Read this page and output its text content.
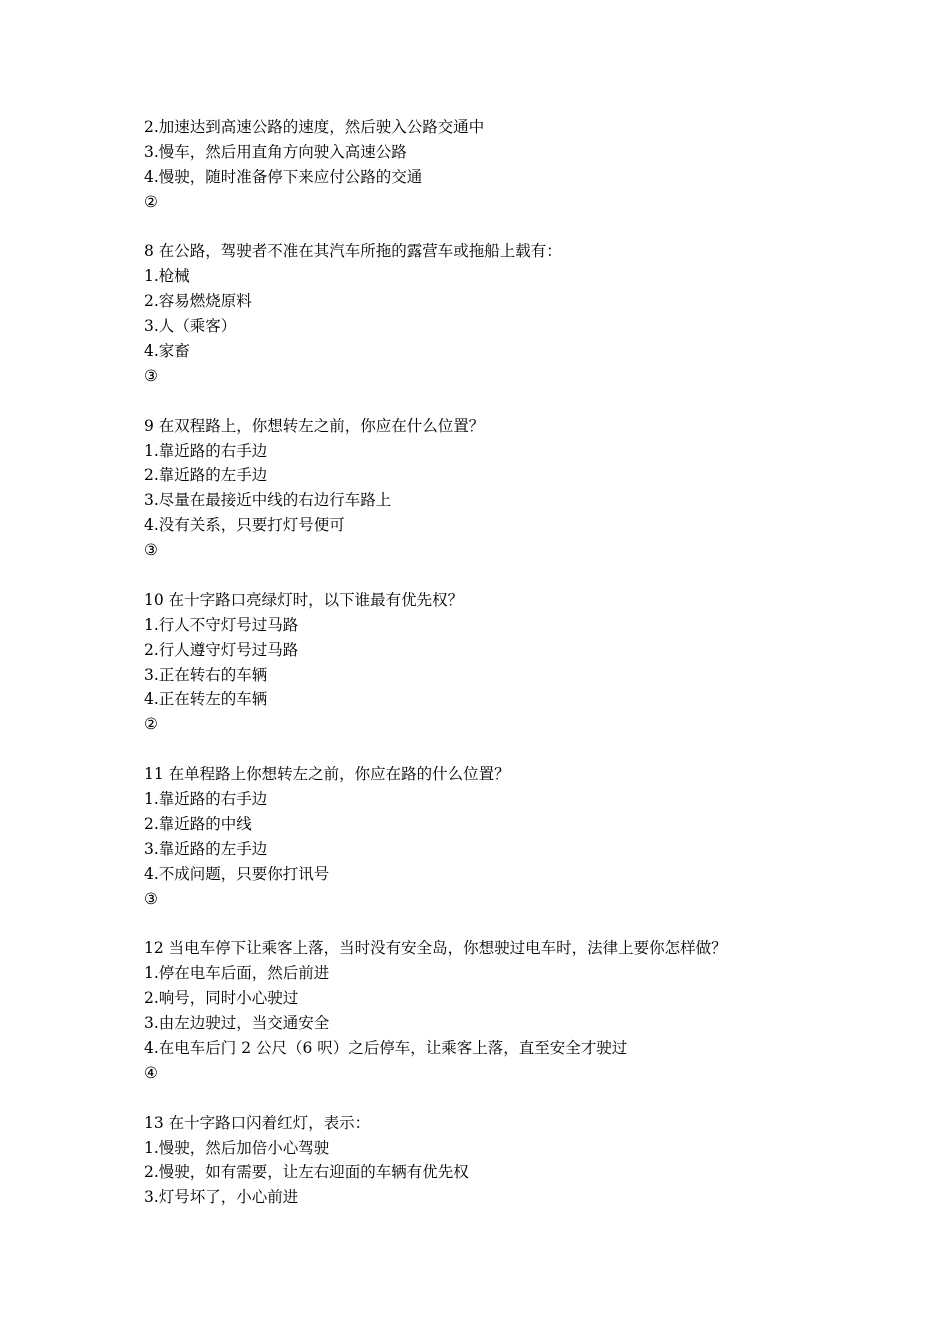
2.加速达到高速公路的速度，然后驶入公路交通中
3.慢车，然后用直角方向驶入高速公路
4.慢驶，随时准备停下来应付公路的交通
②
8 在公路，驾驶者不准在其汽车所拖的露营车或拖船上载有：
1.枪械
2.容易燃烧原料
3.人（乘客）
4.家畜
③
9 在双程路上，你想转左之前，你应在什么位置？
1.靠近路的右手边
2.靠近路的左手边
3.尽量在最接近中线的右边行车路上
4.没有关系，只要打灯号便可
③
10 在十字路口亮绿灯时，以下谁最有优先权？
1.行人不守灯号过马路
2.行人遵守灯号过马路
3.正在转右的车辆
4.正在转左的车辆
②
11 在单程路上你想转左之前，你应在路的什么位置？
1.靠近路的右手边
2.靠近路的中线
3.靠近路的左手边
4.不成问题，只要你打讯号
③
12 当电车停下让乘客上落，当时没有安全岛，你想驶过电车时，法律上要你怎样做？
1.停在电车后面，然后前进
2.响号，同时小心驶过
3.由左边驶过，当交通安全
4.在电车后门 2 公尺（6 呎）之后停车，让乘客上落，直至安全才驶过
④
13 在十字路口闪着红灯，表示：
1.慢驶，然后加倍小心驾驶
2.慢驶，如有需要，让左右迎面的车辆有优先权
3.灯号坏了，小心前进
